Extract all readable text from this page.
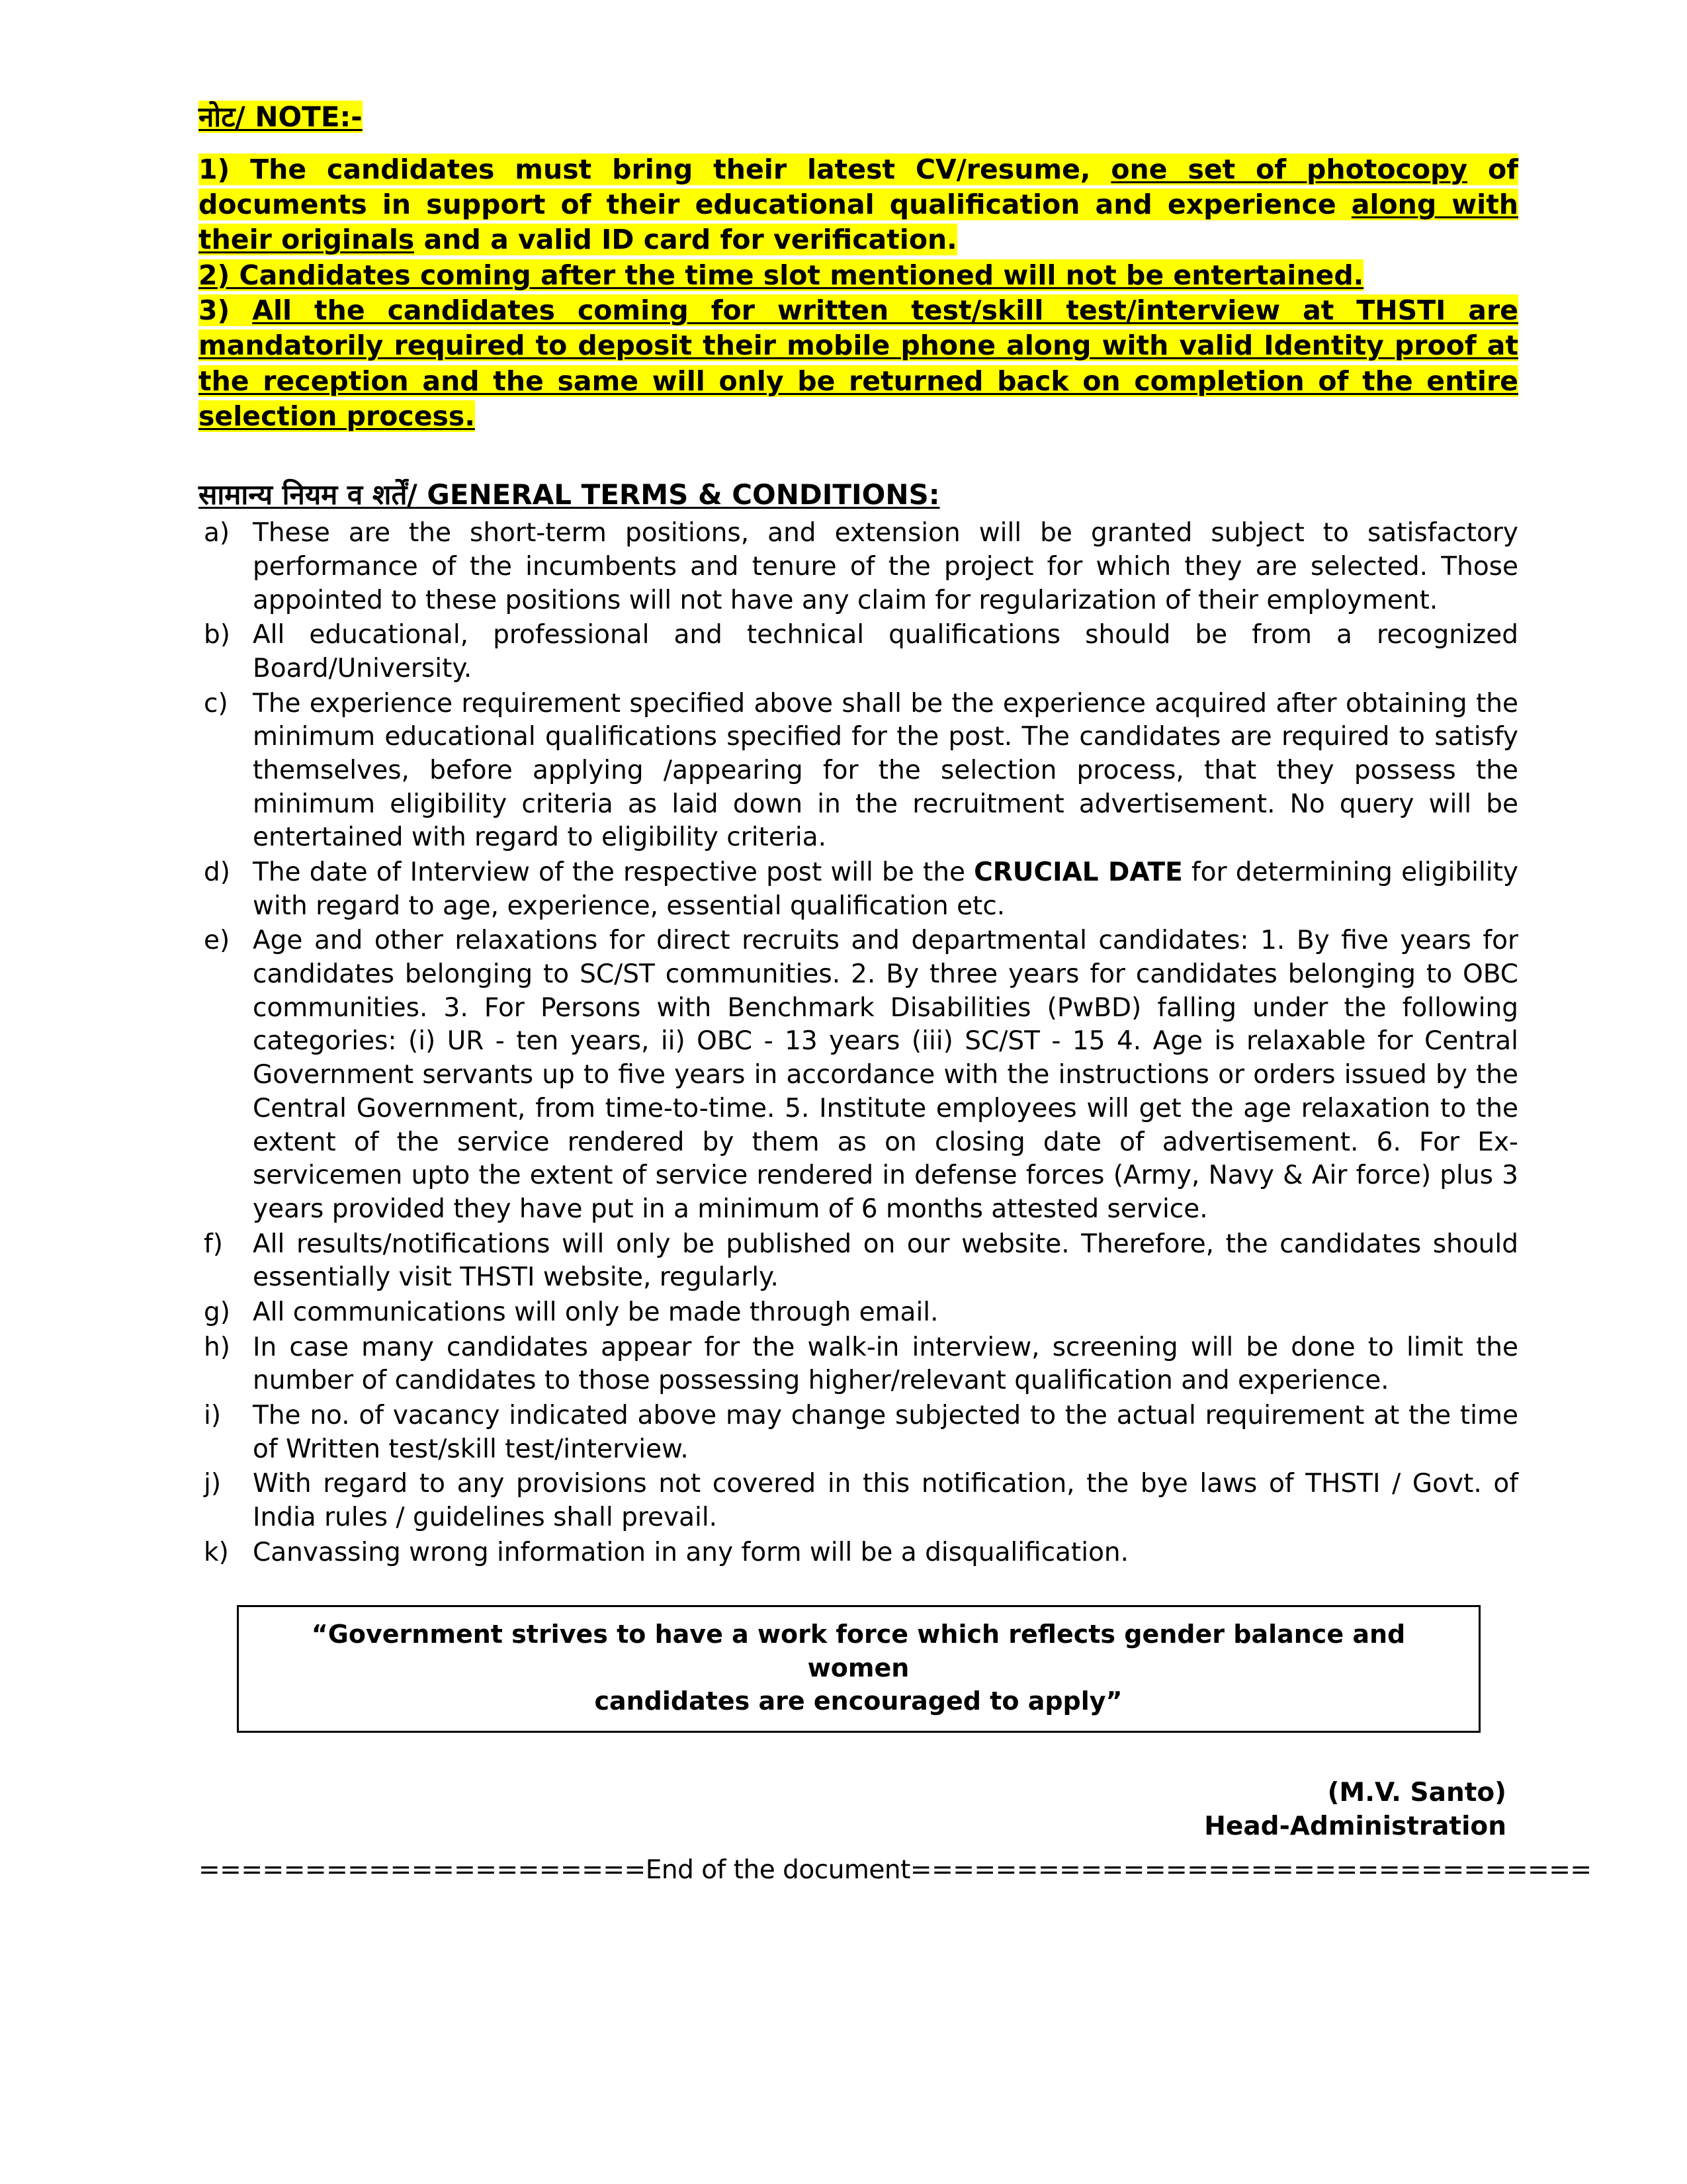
नोट/ NOTE:-

1) The candidates must bring their latest CV/resume, one set of photocopy of documents in support of their educational qualification and experience along with their originals and a valid ID card for verification.

2) Candidates coming after the time slot mentioned will not be entertained.

3) All the candidates coming for written test/skill test/interview at THSTI are mandatorily required to deposit their mobile phone along with valid Identity proof at the reception and the same will only be returned back on completion of the entire selection process.

सामान्य नियम व शर्तें/ GENERAL TERMS & CONDITIONS:
a) These are the short-term positions, and extension will be granted subject to satisfactory performance of the incumbents and tenure of the project for which they are selected. Those appointed to these positions will not have any claim for regularization of their employment.
b) All educational, professional and technical qualifications should be from a recognized Board/University.
c) The experience requirement specified above shall be the experience acquired after obtaining the minimum educational qualifications specified for the post. The candidates are required to satisfy themselves, before applying /appearing for the selection process, that they possess the minimum eligibility criteria as laid down in the recruitment advertisement. No query will be entertained with regard to eligibility criteria.
d) The date of Interview of the respective post will be the CRUCIAL DATE for determining eligibility with regard to age, experience, essential qualification etc.
e) Age and other relaxations for direct recruits and departmental candidates: 1. By five years for candidates belonging to SC/ST communities. 2. By three years for candidates belonging to OBC communities. 3. For Persons with Benchmark Disabilities (PwBD) falling under the following categories: (i) UR - ten years, ii) OBC - 13 years (iii) SC/ST - 15 4. Age is relaxable for Central Government servants up to five years in accordance with the instructions or orders issued by the Central Government, from time-to-time. 5. Institute employees will get the age relaxation to the extent of the service rendered by them as on closing date of advertisement. 6. For Ex-servicemen upto the extent of service rendered in defense forces (Army, Navy & Air force) plus 3 years provided they have put in a minimum of 6 months attested service.
f)	All results/notifications will only be published on our website. Therefore, the candidates should essentially visit THSTI website, regularly.
g) All communications will only be made through email.
h) In case many candidates appear for the walk-in interview, screening will be done to limit the number of candidates to those possessing higher/relevant qualification and experience.
i)	The no. of vacancy indicated above may change subjected to the actual requirement at the time of Written test/skill test/interview.
j)	With regard to any provisions not covered in this notification, the bye laws of THSTI / Govt. of India rules / guidelines shall prevail.
k) Canvassing wrong information in any form will be a disqualification.
“Government strives to have a work force which reflects gender balance and women
candidates are encouraged to apply”
(M.V. Santo)
Head-Administration
=====================End of the document================================
